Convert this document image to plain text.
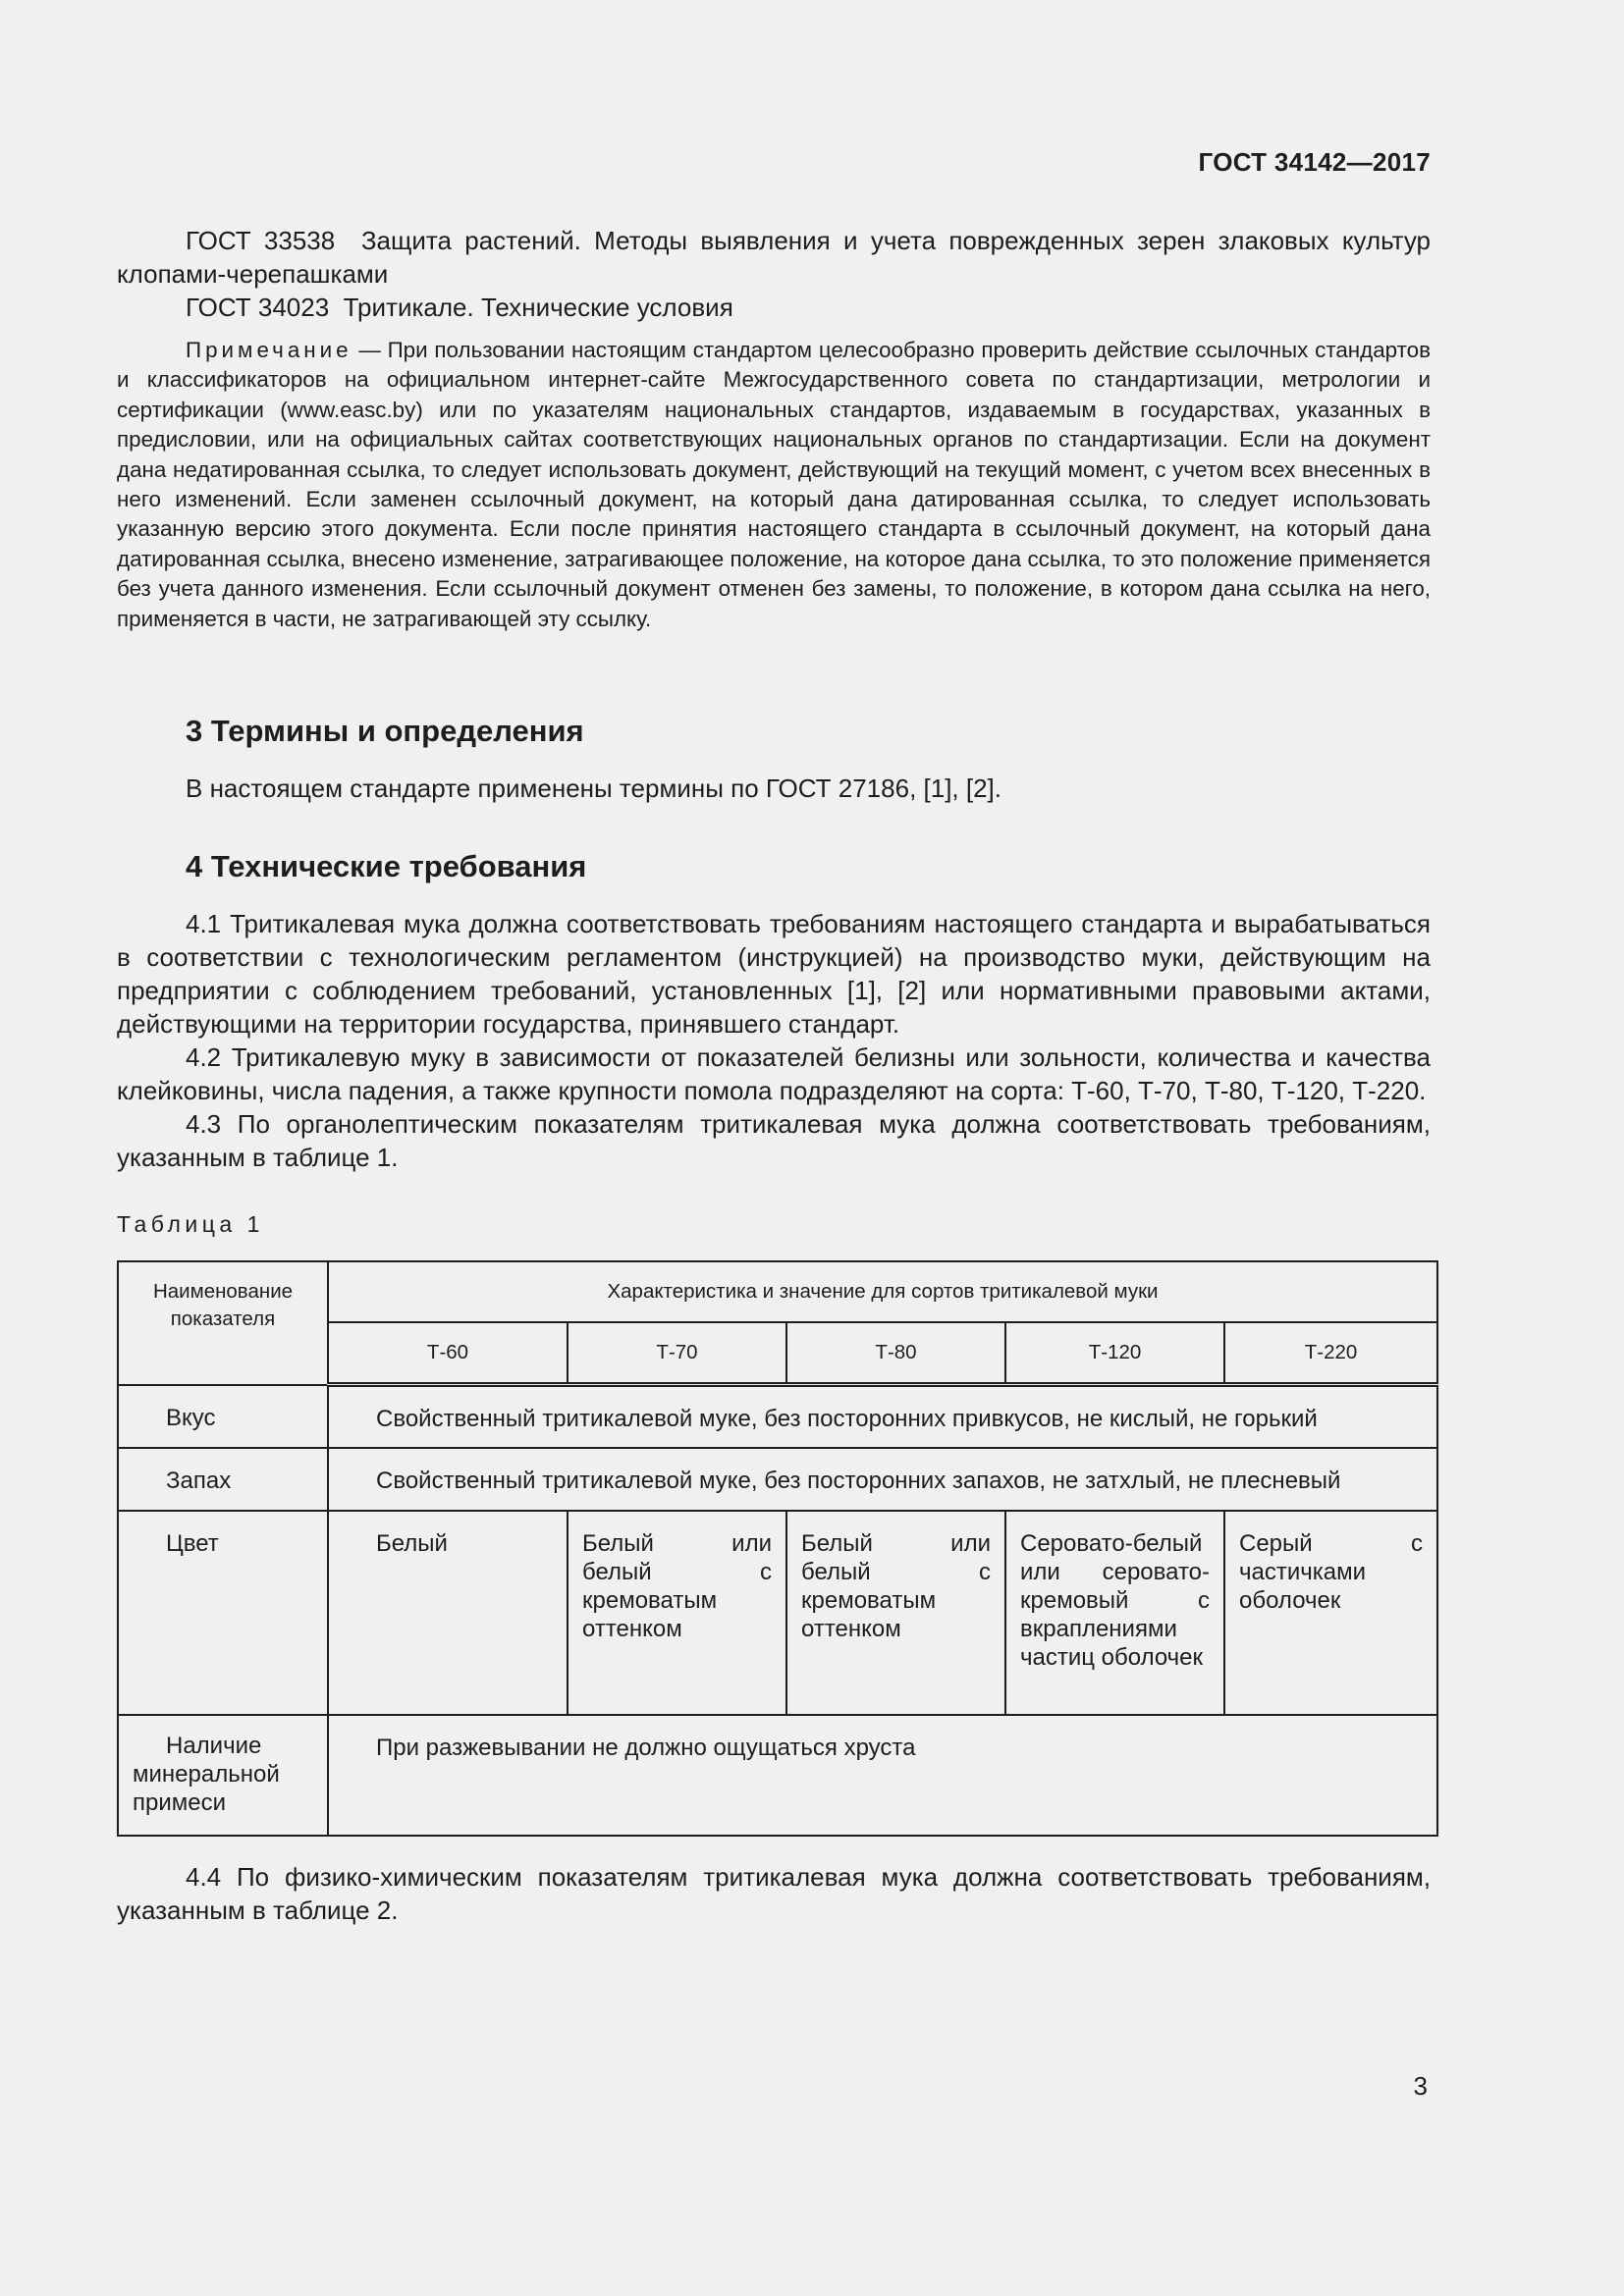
ГОСТ 34142—2017

ГОСТ 33538 Защита растений. Методы выявления и учета поврежденных зерен злаковых культур клопами-черепашками

ГОСТ 34023 Тритикале. Технические условия

Примечание — При пользовании настоящим стандартом целесообразно проверить действие ссылочных стандартов и классификаторов на официальном интернет-сайте Межгосударственного совета по стандартизации, метрологии и сертификации (www.easc.by) или по указателям национальных стандартов, издаваемым в государствах, указанных в предисловии, или на официальных сайтах соответствующих национальных органов по стандартизации. Если на документ дана недатированная ссылка, то следует использовать документ, действующий на текущий момент, с учетом всех внесенных в него изменений. Если заменен ссылочный документ, на который дана датированная ссылка, то следует использовать указанную версию этого документа. Если после принятия настоящего стандарта в ссылочный документ, на который дана датированная ссылка, внесено изменение, затрагивающее положение, на которое дана ссылка, то это положение применяется без учета данного изменения. Если ссылочный документ отменен без замены, то положение, в котором дана ссылка на него, применяется в части, не затрагивающей эту ссылку.

3 Термины и определения

В настоящем стандарте применены термины по ГОСТ 27186, [1], [2].

4 Технические требования

4.1 Тритикалевая мука должна соответствовать требованиям настоящего стандарта и вырабатываться в соответствии с технологическим регламентом (инструкцией) на производство муки, действующим на предприятии с соблюдением требований, установленных [1], [2] или нормативными правовыми актами, действующими на территории государства, принявшего стандарт.

4.2 Тритикалевую муку в зависимости от показателей белизны или зольности, количества и качества клейковины, числа падения, а также крупности помола подразделяют на сорта: Т-60, Т-70, Т-80, Т-120, Т-220.

4.3 По органолептическим показателям тритикалевая мука должна соответствовать требованиям, указанным в таблице 1.

Таблица 1
Наименование показателя	Характеристика и значение для сортов тритикалевой муки				
	Т-60	Т-70	Т-80	Т-120	Т-220
Вкус	Свойственный тритикалевой муке, без посторонних привкусов, не кислый, не горький				
Запах	Свойственный тритикалевой муке, без посторонних запахов, не затхлый, не плесневый				
Цвет	Белый	Белый или белый с кремоватым оттенком	Белый или белый с кремоватым оттенком	Серовато-белый или серовато-кремовый с вкраплениями частиц оболочек	Серый с частичками оболочек

Наличие
минеральной
примеси	При разжевывании не должно ощущаться хруста				

4.4 По физико-химическим показателям тритикалевая мука должна соответствовать требованиям, указанным в таблице 2.

3
